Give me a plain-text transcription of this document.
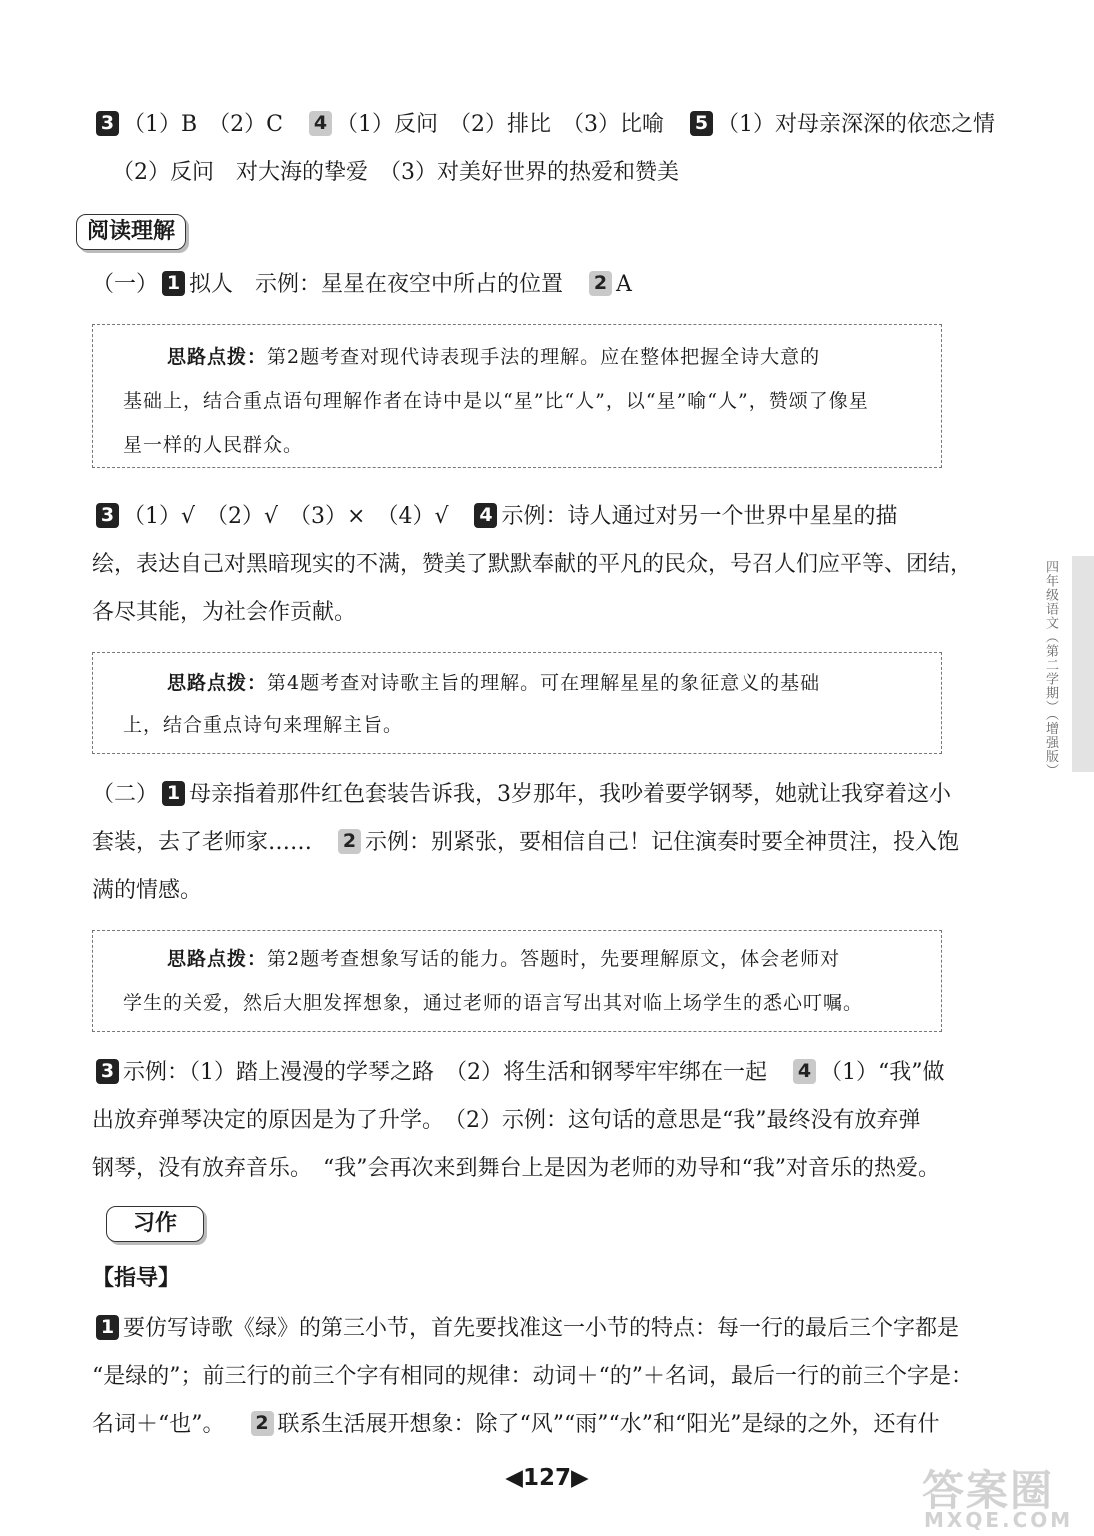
3 （1）B　（2）C 4 （1）反问　（2）排比　（3）比喻 5 （1）对母亲深深的依恋之情
（2）反问　对大海的挚爱　（3）对美好世界的热爱和赞美
阅读理解
（一） 1 拟人　示例：星星在夜空中所占的位置 2 A
思路点拨：第2题考查对现代诗表现手法的理解。应在整体把握全诗大意的
基础上，结合重点语句理解作者在诗中是以“星”比“人”，以“星”喻“人”，赞颂了像星
星一样的人民群众。
3 （1）√　（2）√　（3）×　（4）√ 4 示例：诗人通过对另一个世界中星星的描
绘，表达自己对黑暗现实的不满，赞美了默默奉献的平凡的民众，号召人们应平等、团结，
各尽其能，为社会作贡献。
思路点拨：第4题考查对诗歌主旨的理解。可在理解星星的象征意义的基础
上，结合重点诗句来理解主旨。
（二） 1 母亲指着那件红色套装告诉我，3岁那年，我吵着要学钢琴，她就让我穿着这小
套装，去了老师家…… 2 示例：别紧张，要相信自己！记住演奏时要全神贯注，投入饱
满的情感。
思路点拨：第2题考查想象写话的能力。答题时，先要理解原文，体会老师对
学生的关爱，然后大胆发挥想象，通过老师的语言写出其对临上场学生的悉心叮嘱。
3 示例：（1）踏上漫漫的学琴之路　（2）将生活和钢琴牢牢绑在一起 4 （1）“我”做
出放弃弹琴决定的原因是为了升学。　（2）示例：这句话的意思是“我”最终没有放弃弹
钢琴，没有放弃音乐。　“我”会再次来到舞台上是因为老师的劝导和“我”对音乐的热爱。
习作
【指导】
1 要仿写诗歌《绿》的第三小节，首先要找准这一小节的特点：每一行的最后三个字都是
“是绿的”；前三行的前三个字有相同的规律：动词＋“的”＋名词，最后一行的前三个字是：
名词＋“也”。 2 联系生活展开想象：除了“风”“雨”“水”和“阳光”是绿的之外，还有什
四年级语文（第二学期）（增强版）
◀127▶	答案圈
MXQE.COM
